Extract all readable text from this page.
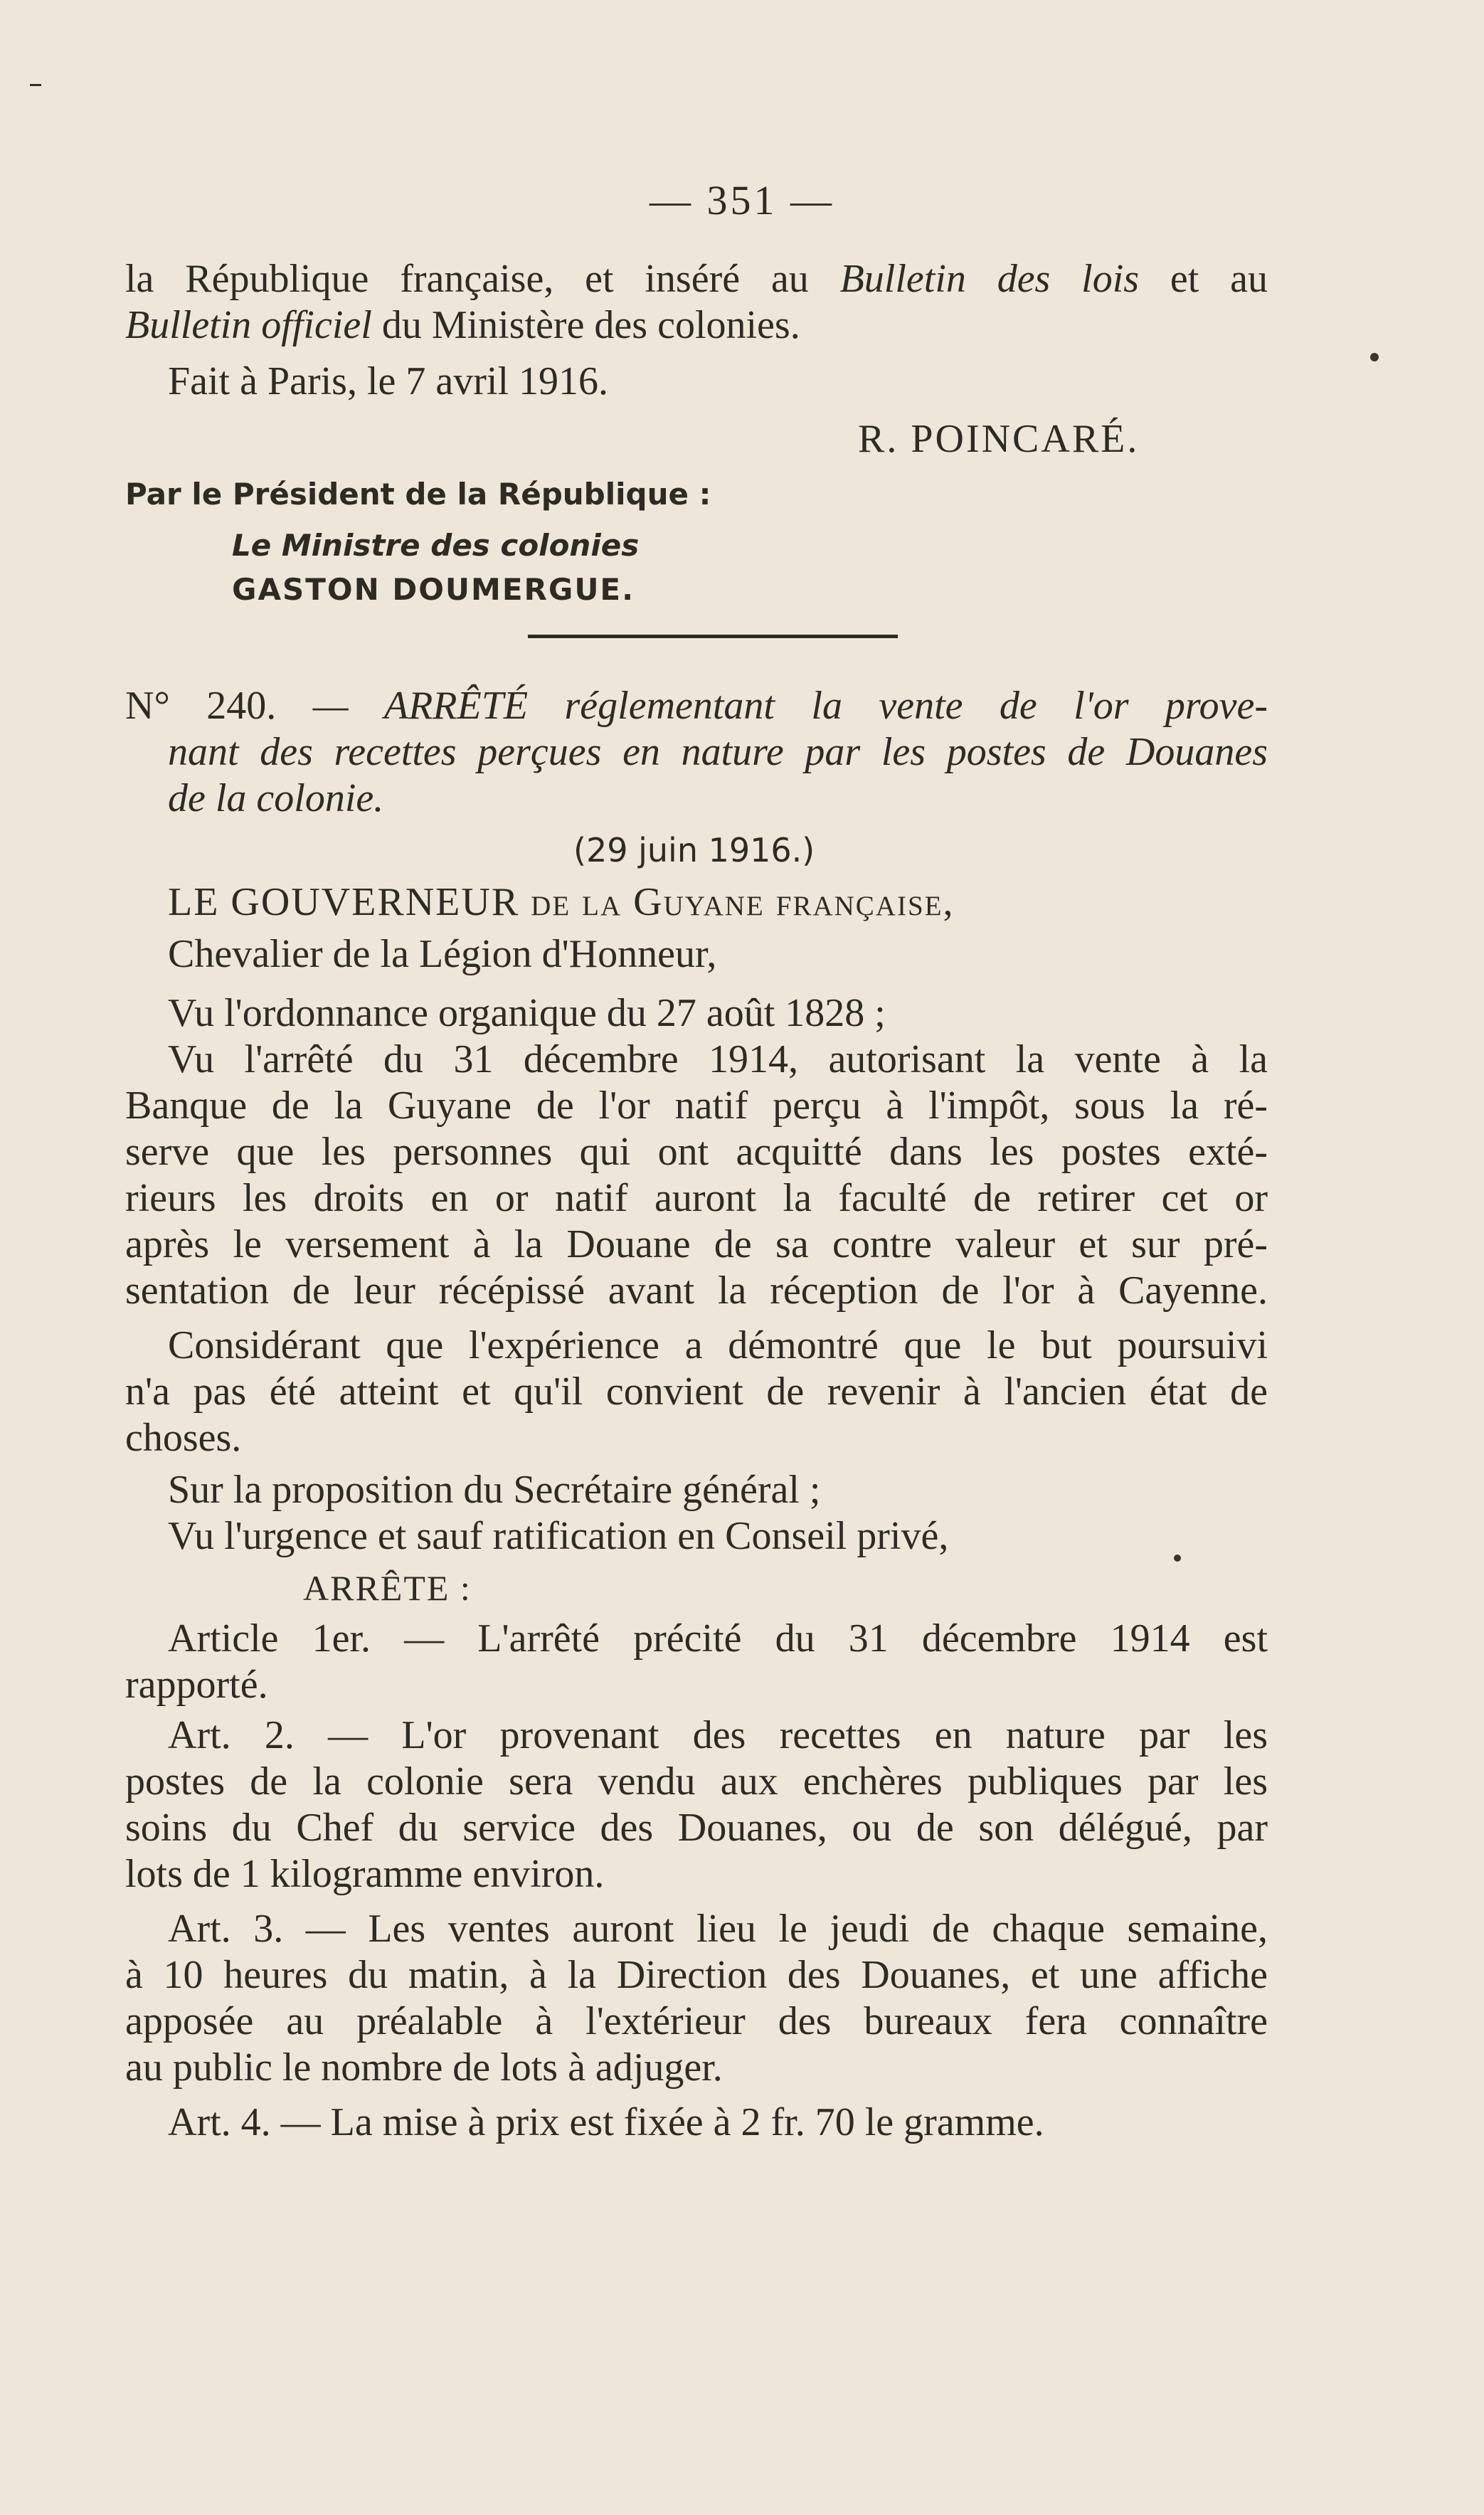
— 351 —
la République française, et inséré au Bulletin des lois et au
Bulletin officiel du Ministère des colonies.
Fait à Paris, le 7 avril 1916.
R. POINCARÉ.
Par le Président de la République :
Le Ministre des colonies
GASTON DOUMERGUE.
N° 240. — ARRÊTÉ réglementant la vente de l'or prove-
nant des recettes perçues en nature par les postes de Douanes
de la colonie.
(29 juin 1916.)
LE GOUVERNEUR de la Guyane française,
Chevalier de la Légion d'Honneur,
Vu l'ordonnance organique du 27 août 1828 ;
Vu l'arrêté du 31 décembre 1914, autorisant la vente à la
Banque de la Guyane de l'or natif perçu à l'impôt, sous la ré-
serve que les personnes qui ont acquitté dans les postes exté-
rieurs les droits en or natif auront la faculté de retirer cet or
après le versement à la Douane de sa contre valeur et sur pré-
sentation de leur récépissé avant la réception de l'or à Cayenne.
Considérant que l'expérience a démontré que le but poursuivi
n'a pas été atteint et qu'il convient de revenir à l'ancien état de
choses.
Sur la proposition du Secrétaire général ;
Vu l'urgence et sauf ratification en Conseil privé,
ARRÊTE :
Article 1er. — L'arrêté précité du 31 décembre 1914 est
rapporté.
Art. 2. — L'or provenant des recettes en nature par les
postes de la colonie sera vendu aux enchères publiques par les
soins du Chef du service des Douanes, ou de son délégué, par
lots de 1 kilogramme environ.
Art. 3. — Les ventes auront lieu le jeudi de chaque semaine,
à 10 heures du matin, à la Direction des Douanes, et une affiche
apposée au préalable à l'extérieur des bureaux fera connaître
au public le nombre de lots à adjuger.
Art. 4. — La mise à prix est fixée à 2 fr. 70 le gramme.
